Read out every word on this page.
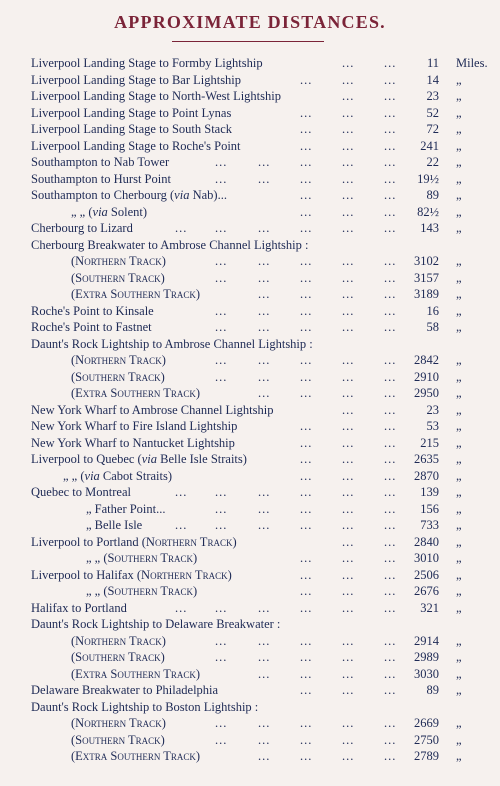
APPROXIMATE DISTANCES.
... ...
Liverpool Landing Stage to Formby Lightship	11 Miles.
... ... ...
Liverpool Landing Stage to Bar Lightship	14 „
... ...
Liverpool Landing Stage to North-West Lightship	23 „
... ... ...
Liverpool Landing Stage to Point Lynas	52 „
... ... ...
Liverpool Landing Stage to South Stack	72 „
... ... ...
Liverpool Landing Stage to Roche's Point	241 „
... ... ... ... ...
Southampton to Nab Tower	22 „
... ... ... ... ...
Southampton to Hurst Point	19½ „
... ... ...
Southampton to Cherbourg (via Nab)...	89 „
... ... ...
„ „ (via Solent)	82½ „
... ... ... ... ... ...
Cherbourg to Lizard	143 „
Cherbourg Breakwater to Ambrose Channel Lightship :
... ... ... ... ...
(Northern Track)	3102 „
... ... ... ... ...
(Southern Track)	3157 „
... ... ... ...
(Extra Southern Track)	3189 „
... ... ... ... ...
Roche's Point to Kinsale	16 „
... ... ... ... ...
Roche's Point to Fastnet	58 „
Daunt's Rock Lightship to Ambrose Channel Lightship :
... ... ... ... ...
(Northern Track)	2842 „
... ... ... ... ...
(Southern Track)	2910 „
... ... ... ...
(Extra Southern Track)	2950 „
... ...
New York Wharf to Ambrose Channel Lightship	23 „
... ... ...
New York Wharf to Fire Island Lightship	53 „
... ... ...
New York Wharf to Nantucket Lightship	215 „
... ... ...
Liverpool to Quebec (via Belle Isle Straits)	2635 „
... ... ...
„ „ (via Cabot Straits)	2870 „
... ... ... ... ... ...
Quebec to Montreal	139 „
... ... ... ... ...
„ Father Point...	156 „
... ... ... ... ... ...
„ Belle Isle	733 „
... ...
Liverpool to Portland (Northern Track)	2840 „
... ... ...
„ „ (Southern Track)	3010 „
... ... ...
Liverpool to Halifax (Northern Track)	2506 „
... ... ...
„ „ (Southern Track)	2676 „
... ... ... ... ... ...
Halifax to Portland	321 „
Daunt's Rock Lightship to Delaware Breakwater :
... ... ... ... ...
(Northern Track)	2914 „
... ... ... ... ...
(Southern Track)	2989 „
... ... ... ...
(Extra Southern Track)	3030 „
... ... ...
Delaware Breakwater to Philadelphia	89 „
Daunt's Rock Lightship to Boston Lightship :
... ... ... ... ...
(Northern Track)	2669 „
... ... ... ... ...
(Southern Track)	2750 „
... ... ... ...
(Extra Southern Track)	2789 „
